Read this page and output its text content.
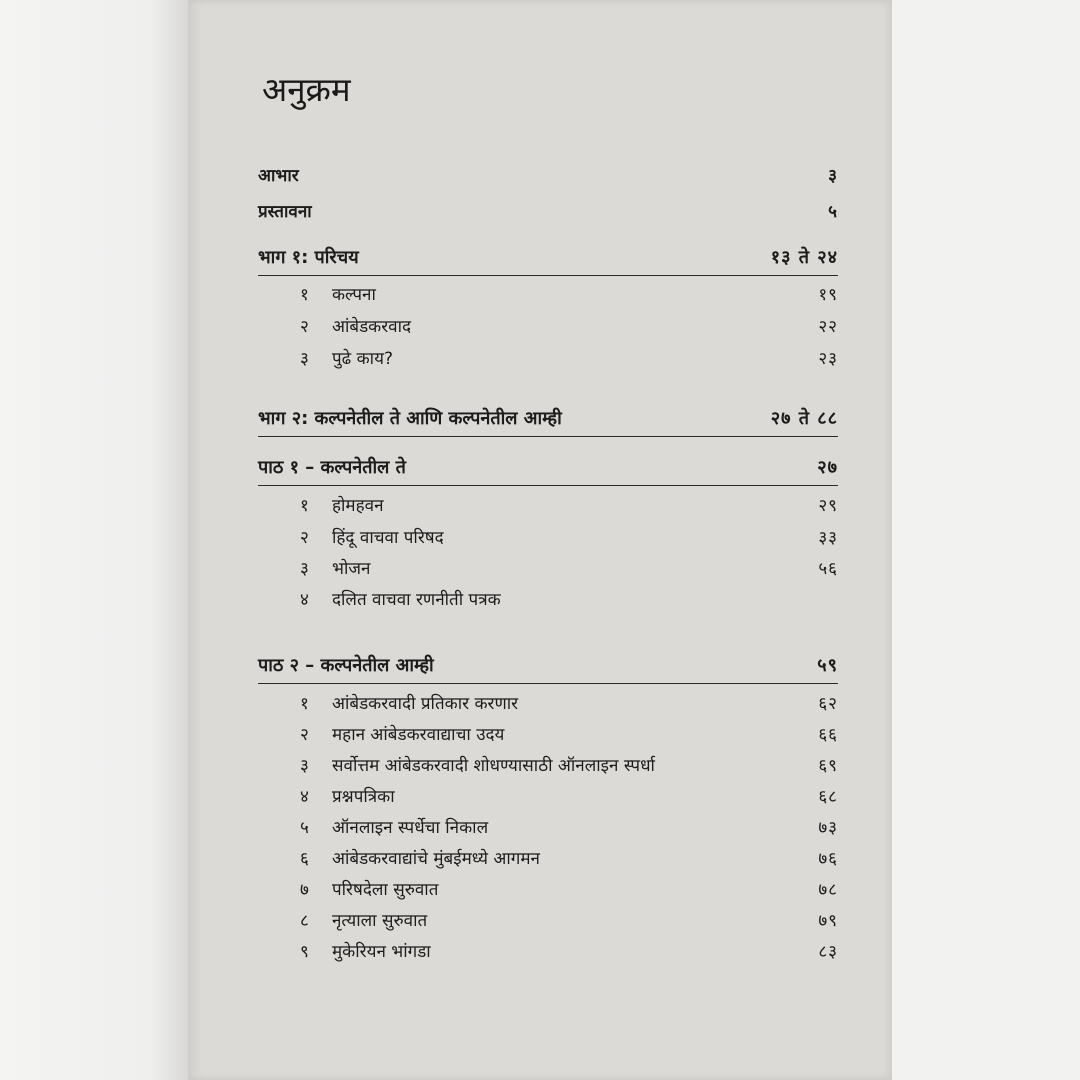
अनुक्रम
आभार	३
प्रस्तावना	५
भाग १: परिचय	१३ ते २४
१	कल्पना	१९
२	आंबेडकरवाद	२२
३	पुढे काय?	२३
भाग २: कल्पनेतील ते आणि कल्पनेतील आम्ही	२७ ते ८८
पाठ १ – कल्पनेतील ते	२७
१	होमहवन	२९
२	हिंदू वाचवा परिषद	३३
३	भोजन	५६
४	दलित वाचवा रणनीती पत्रक
पाठ २ – कल्पनेतील आम्ही	५९
१	आंबेडकरवादी प्रतिकार करणार	६२
२	महान आंबेडकरवाद्याचा उदय	६६
३	सर्वोत्तम आंबेडकरवादी शोधण्यासाठी ऑनलाइन स्पर्धा	६९
४	प्रश्नपत्रिका	६८
५	ऑनलाइन स्पर्धेचा निकाल	७३
६	आंबेडकरवाद्यांचे मुंबईमध्ये आगमन	७६
७	परिषदेला सुरुवात	७८
८	नृत्याला सुरुवात	७९
९	मुकेरियन भांगडा	८३
